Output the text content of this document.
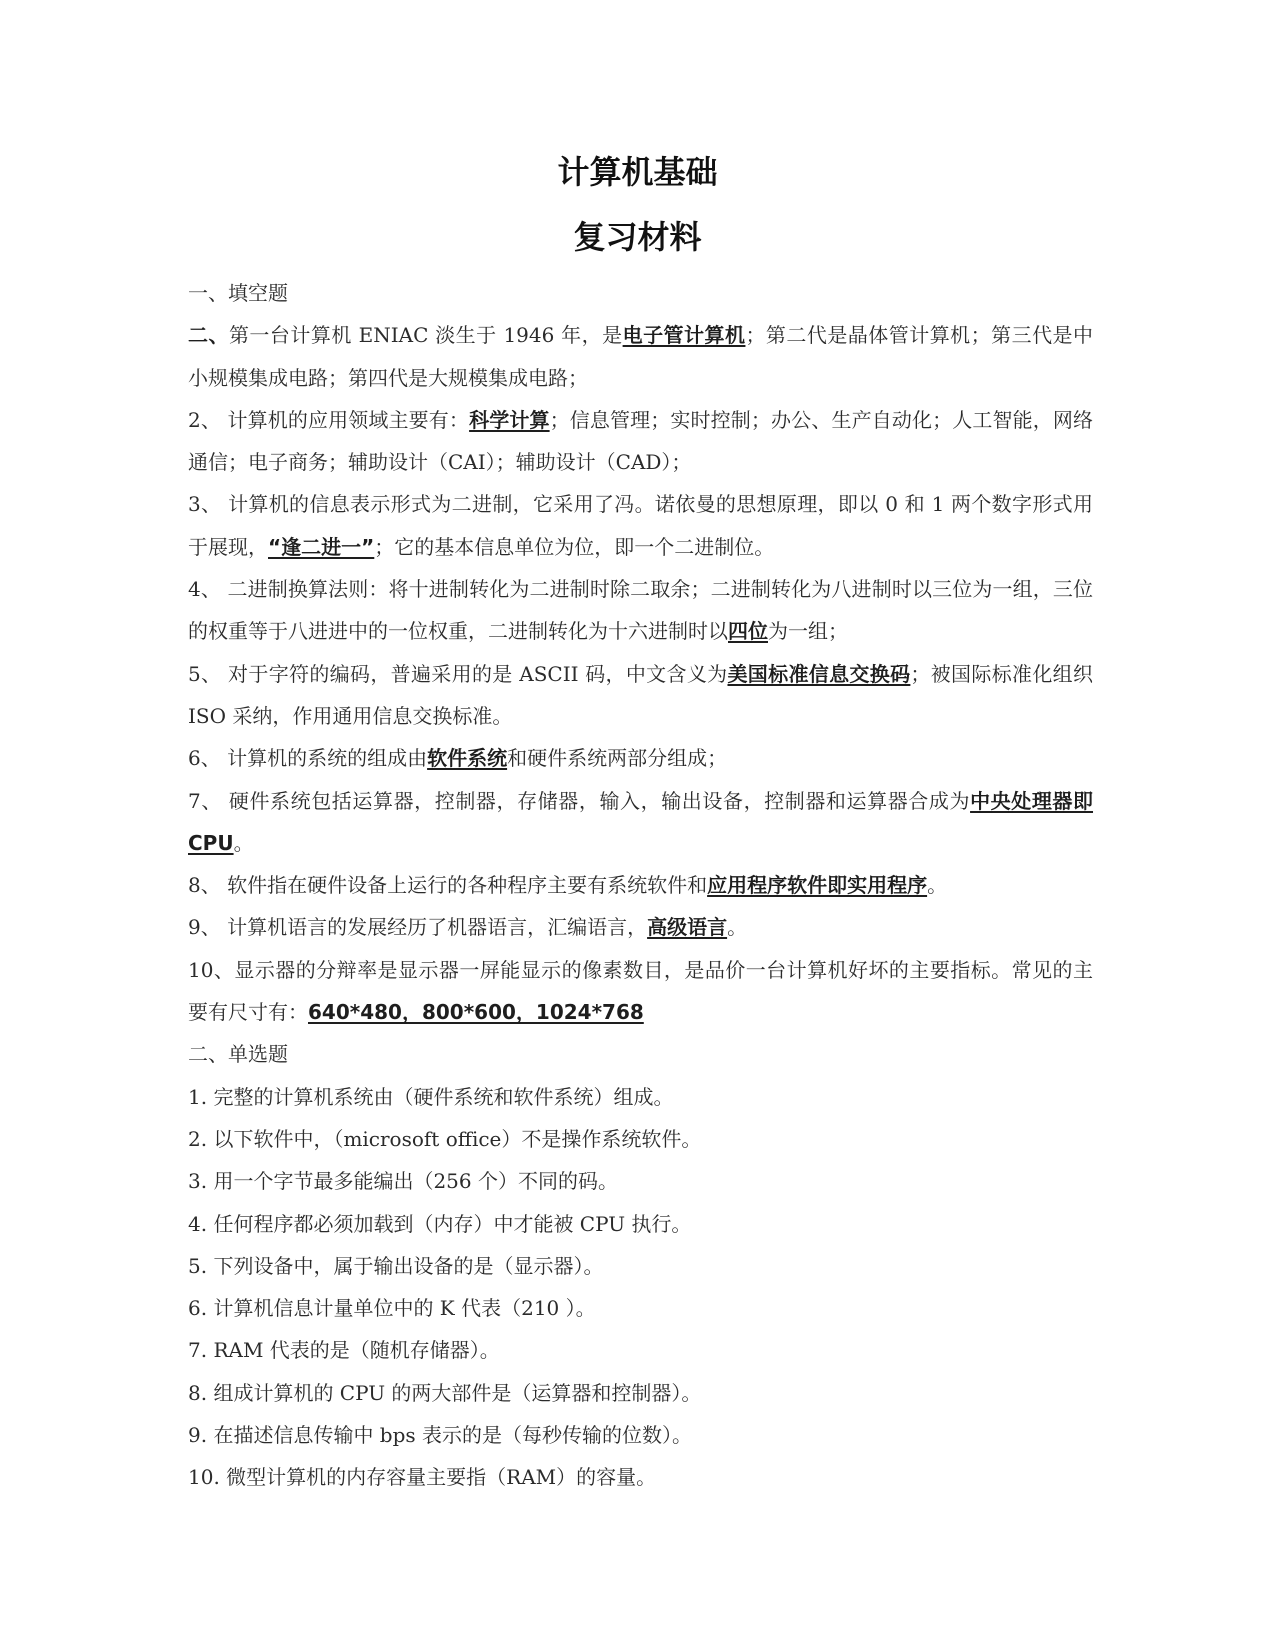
计算机基础
复习材料

一、填空题

二、第一台计算机 ENIAC 淡生于 1946 年，是电子管计算机；第二代是晶体管计算机；第三代是中小规模集成电路；第四代是大规模集成电路；

2、 计算机的应用领域主要有：科学计算；信息管理；实时控制；办公、生产自动化；人工智能，网络通信；电子商务；辅助设计（CAI）；辅助设计（CAD）；

3、 计算机的信息表示形式为二进制，它采用了冯。诺依曼的思想原理，即以 0 和 1 两个数字形式用于展现，“逢二进一”；它的基本信息单位为位，即一个二进制位。

4、 二进制换算法则：将十进制转化为二进制时除二取余；二进制转化为八进制时以三位为一组，三位的权重等于八进进中的一位权重，二进制转化为十六进制时以四位为一组；

5、 对于字符的编码，普遍采用的是 ASCII 码，中文含义为美国标准信息交换码；被国际标准化组织 ISO 采纳，作用通用信息交换标准。

6、 计算机的系统的组成由软件系统和硬件系统两部分组成；

7、 硬件系统包括运算器，控制器，存储器，输入，输出设备，控制器和运算器合成为中央处理器即 CPU。

8、 软件指在硬件设备上运行的各种程序主要有系统软件和应用程序软件即实用程序。

9、 计算机语言的发展经历了机器语言，汇编语言，高级语言。

10、显示器的分辩率是显示器一屏能显示的像素数目，是品价一台计算机好坏的主要指标。常见的主要有尺寸有：640*480，800*600，1024*768

二、单选题

1. 完整的计算机系统由（硬件系统和软件系统）组成。

2. 以下软件中，（microsoft office）不是操作系统软件。

3. 用一个字节最多能编出（256 个）不同的码。

4. 任何程序都必须加载到（内存）中才能被 CPU 执行。

5. 下列设备中，属于输出设备的是（显示器）。

6. 计算机信息计量单位中的 K 代表（210 ）。

7. RAM 代表的是（随机存储器）。

8. 组成计算机的 CPU 的两大部件是（运算器和控制器）。

9. 在描述信息传输中 bps 表示的是（每秒传输的位数）。

10. 微型计算机的内存容量主要指（RAM）的容量。
